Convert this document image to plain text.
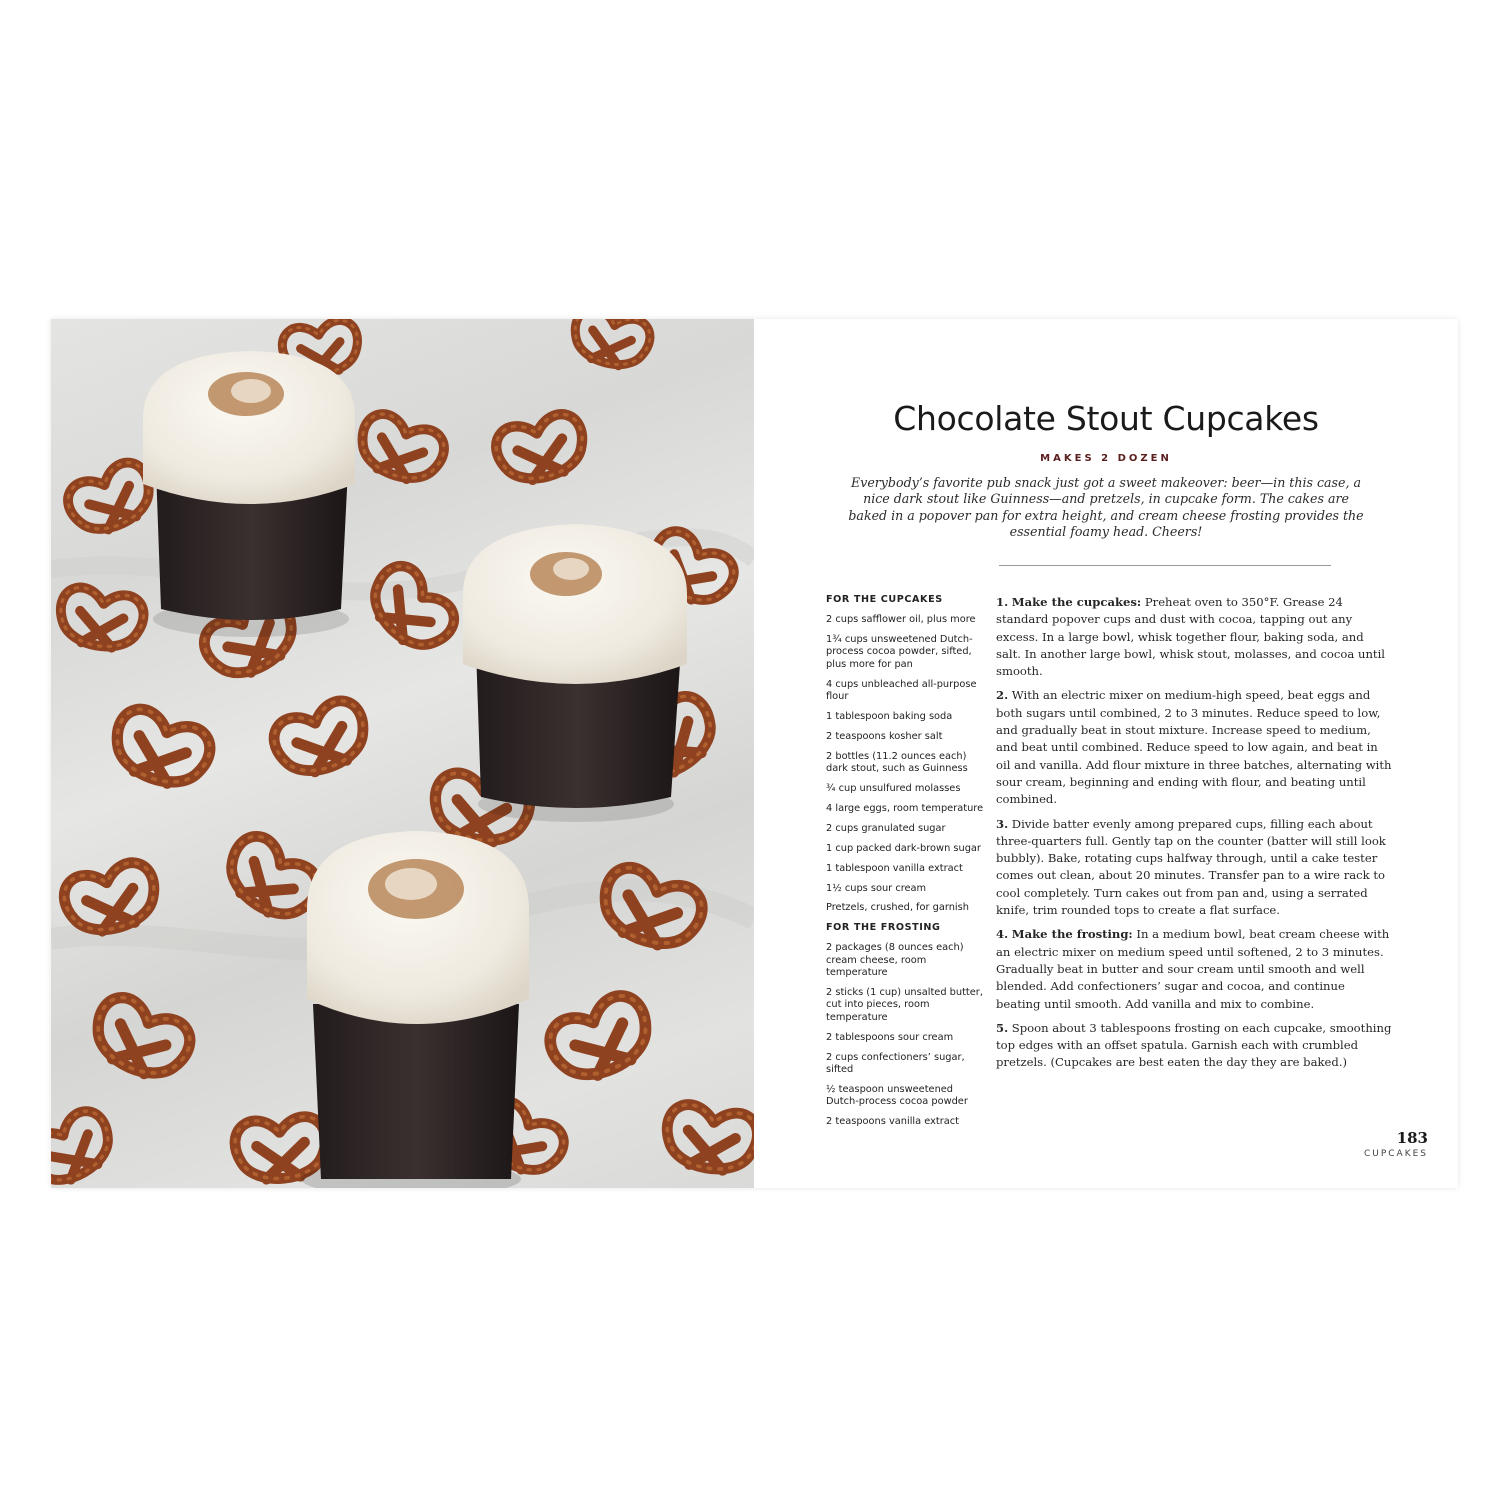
Chocolate Stout Cupcakes
MAKES 2 DOZEN
Everybody’s favorite pub snack just got a sweet makeover: beer—in this case, a nice dark stout like Guinness—and pretzels, in cupcake form. The cakes are baked in a popover pan for extra height, and cream cheese frosting provides the essential foamy head. Cheers!
FOR THE CUPCAKES
2 cups safflower oil, plus more
1¾ cups unsweetened Dutch-process cocoa powder, sifted, plus more for pan
4 cups unbleached all-purpose flour
1 tablespoon baking soda
2 teaspoons kosher salt
2 bottles (11.2 ounces each) dark stout, such as Guinness
¾ cup unsulfured molasses
4 large eggs, room temperature
2 cups granulated sugar
1 cup packed dark-brown sugar
1 tablespoon vanilla extract
1½ cups sour cream
Pretzels, crushed, for garnish
FOR THE FROSTING
2 packages (8 ounces each) cream cheese, room temperature
2 sticks (1 cup) unsalted butter, cut into pieces, room temperature
2 tablespoons sour cream
2 cups confectioners’ sugar, sifted
½ teaspoon unsweetened Dutch-process cocoa powder
2 teaspoons vanilla extract
1. Make the cupcakes: Preheat oven to 350°F. Grease 24 standard popover cups and dust with cocoa, tapping out any excess. In a large bowl, whisk together flour, baking soda, and salt. In another large bowl, whisk stout, molasses, and cocoa until smooth.
2. With an electric mixer on medium-high speed, beat eggs and both sugars until combined, 2 to 3 minutes. Reduce speed to low, and gradually beat in stout mixture. Increase speed to medium, and beat until combined. Reduce speed to low again, and beat in oil and vanilla. Add flour mixture in three batches, alternating with sour cream, beginning and ending with flour, and beating until combined.
3. Divide batter evenly among prepared cups, filling each about three-quarters full. Gently tap on the counter (batter will still look bubbly). Bake, rotating cups halfway through, until a cake tester comes out clean, about 20 minutes. Transfer pan to a wire rack to cool completely. Turn cakes out from pan and, using a serrated knife, trim rounded tops to create a flat surface.
4. Make the frosting: In a medium bowl, beat cream cheese with an electric mixer on medium speed until softened, 2 to 3 minutes. Gradually beat in butter and sour cream until smooth and well blended. Add confectioners’ sugar and cocoa, and continue beating until smooth. Add vanilla and mix to combine.
5. Spoon about 3 tablespoons frosting on each cupcake, smoothing top edges with an offset spatula. Garnish each with crumbled pretzels. (Cupcakes are best eaten the day they are baked.)
183
CUPCAKES
